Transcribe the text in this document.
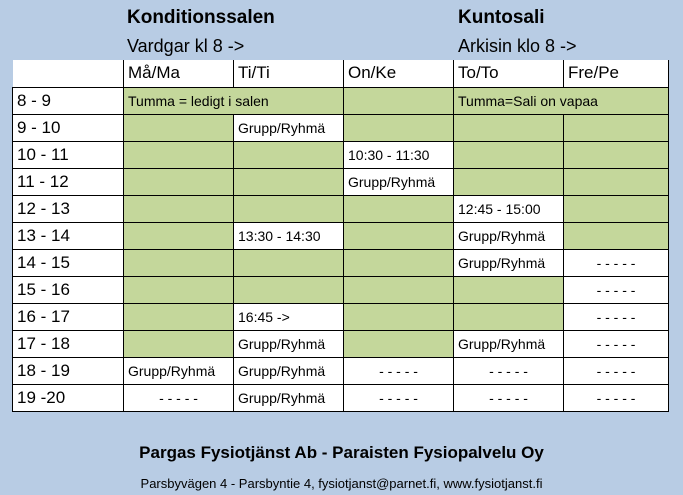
Konditionssalen
Vardgar kl 8 ->
Kuntosali
Arkisin klo 8 ->
	Må/Ma	Ti/Ti	On/Ke	To/To	Fre/Pe
8 - 9	Tumma = ledigt i salen			Tumma=Sali on vapaa	
9 - 10		Grupp/Ryhmä			
10 - 11			10:30 - 11:30		
11 - 12			Grupp/Ryhmä		
12 - 13				12:45 - 15:00	
13 - 14		13:30 - 14:30		Grupp/Ryhmä	
14 - 15				Grupp/Ryhmä	- - - - -
15 - 16					- - - - -
16 - 17		16:45 ->			- - - - -
17 - 18		Grupp/Ryhmä		Grupp/Ryhmä	- - - - -
18 - 19	Grupp/Ryhmä	Grupp/Ryhmä	- - - - -	- - - - -	- - - - -
19 -20	- - - - -	Grupp/Ryhmä	- - - - -	- - - - -	- - - - -
Pargas Fysiotjänst Ab - Paraisten Fysiopalvelu Oy
Parsbyvägen 4 - Parsbyntie 4, fysiotjanst@parnet.fi, www.fysiotjanst.fi
